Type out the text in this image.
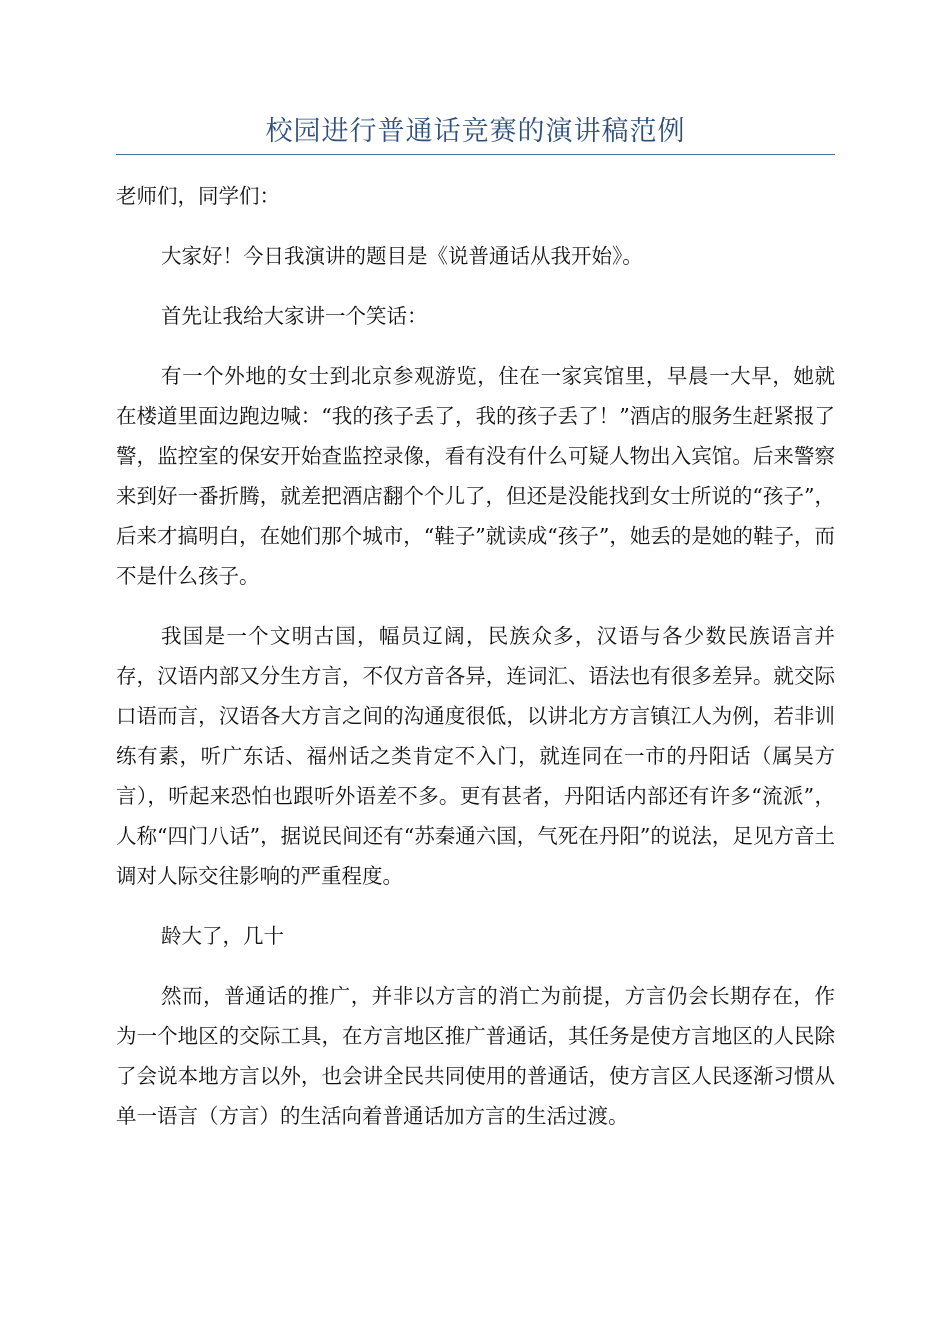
校园进行普通话竞赛的演讲稿范例

老师们，同学们：

大家好！今日我演讲的题目是《说普通话从我开始》。

首先让我给大家讲一个笑话：

有一个外地的女士到北京参观游览，住在一家宾馆里，早晨一大早，她就在楼道里面边跑边喊：“我的孩子丢了，我的孩子丢了！”酒店的服务生赶紧报了警，监控室的保安开始查监控录像，看有没有什么可疑人物出入宾馆。后来警察来到好一番折腾，就差把酒店翻个个儿了，但还是没能找到女士所说的“孩子”，后来才搞明白，在她们那个城市，“鞋子”就读成“孩子”，她丢的是她的鞋子，而不是什么孩子。

我国是一个文明古国，幅员辽阔，民族众多，汉语与各少数民族语言并存，汉语内部又分生方言，不仅方音各异，连词汇、语法也有很多差异。就交际口语而言，汉语各大方言之间的沟通度很低，以讲北方方言镇江人为例，若非训练有素，听广东话、福州话之类肯定不入门，就连同在一市的丹阳话（属吴方言），听起来恐怕也跟听外语差不多。更有甚者，丹阳话内部还有许多“流派”，人称“四门八话”，据说民间还有“苏秦通六国，气死在丹阳”的说法，足见方音土调对人际交往影响的严重程度。

龄大了，几十

然而，普通话的推广，并非以方言的消亡为前提，方言仍会长期存在，作为一个地区的交际工具，在方言地区推广普通话，其任务是使方言地区的人民除了会说本地方言以外，也会讲全民共同使用的普通话，使方言区人民逐渐习惯从单一语言（方言）的生活向着普通话加方言的生活过渡。
